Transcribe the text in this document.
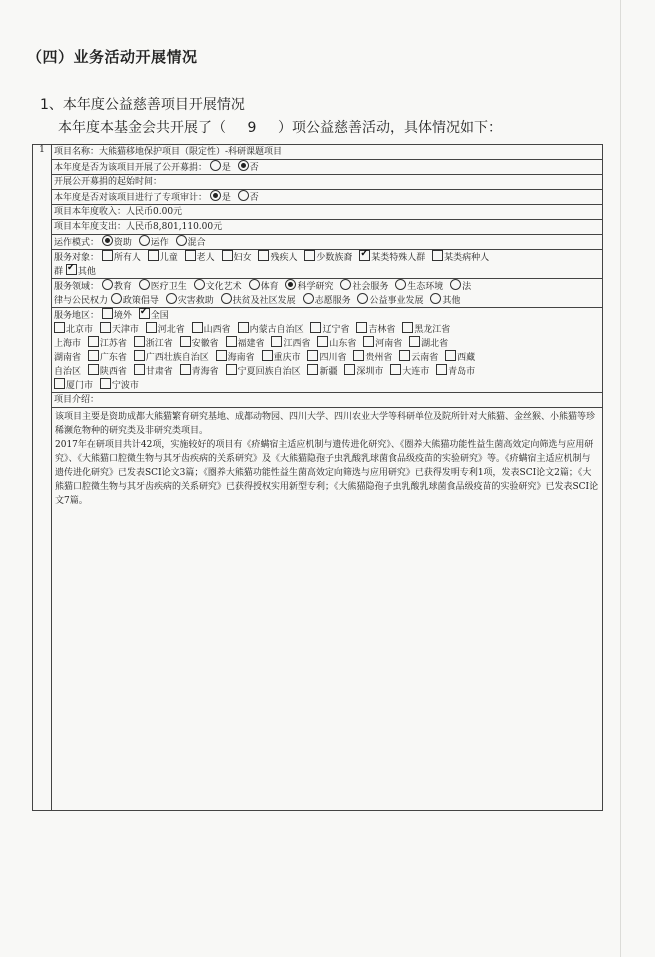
（四）业务活动开展情况
1、本年度公益慈善项目开展情况
本年度本基金会共开展了（ 9 ）项公益慈善活动，具体情况如下：
1	项目名称：大熊猫移地保护项目（限定性）-科研课题项目
本年度是否为该项目开展了公开募捐： 是 否
开展公开募捐的起始时间：
本年度是否对该项目进行了专项审计： 是 否
项目本年度收入：人民币0.00元
项目本年度支出：人民币8,801,110.00元
运作模式： 资助 运作 混合
服务对象： 所有人 儿童 老人 妇女 残疾人 少数族裔 ✓ 某类特殊人群 某类病种人
群 ✓ 其他
服务领域： 教育 医疗卫生 文化艺术 体育 科学研究 社会服务 生态环境 法
律与公民权力 政策倡导 灾害救助 扶贫及社区发展 志愿服务 公益事业发展 其他
服务地区： 境外 ✓ 全国
北京市 天津市 河北省 山西省 内蒙古自治区 辽宁省 吉林省 黑龙江省
上海市 江苏省 浙江省 安徽省 福建省 江西省 山东省 河南省 湖北省
湖南省 广东省 广西壮族自治区 海南省 重庆市 四川省 贵州省 云南省 西藏
自治区 陕西省 甘肃省 青海省 宁夏回族自治区 新疆 深圳市 大连市 青岛市
厦门市 宁波市
项目介绍：

该项目主要是资助成都大熊猫繁育研究基地、成都动物园、四川大学、四川农业大学等科研单位及院所针对大熊猫、金丝猴、小熊猫等珍稀濒危物种的研究类及非研究类项目。

2017年在研项目共计42项，实施较好的项目有《疥螨宿主适应机制与遗传进化研究》、《圈养大熊猫功能性益生菌高效定向筛选与应用研究》、《大熊猫口腔微生物与其牙齿疾病的关系研究》及《大熊猫隐孢子虫乳酸乳球菌食品级疫苗的实验研究》等。《疥螨宿主适应机制与遗传进化研究》已发表SCI论文3篇；《圈养大熊猫功能性益生菌高效定向筛选与应用研究》已获得发明专利1项，发表SCI论文2篇；《大熊猫口腔微生物与其牙齿疾病的关系研究》已获得授权实用新型专利；《大熊猫隐孢子虫乳酸乳球菌食品级疫苗的实验研究》已发表SCI论文7篇。
